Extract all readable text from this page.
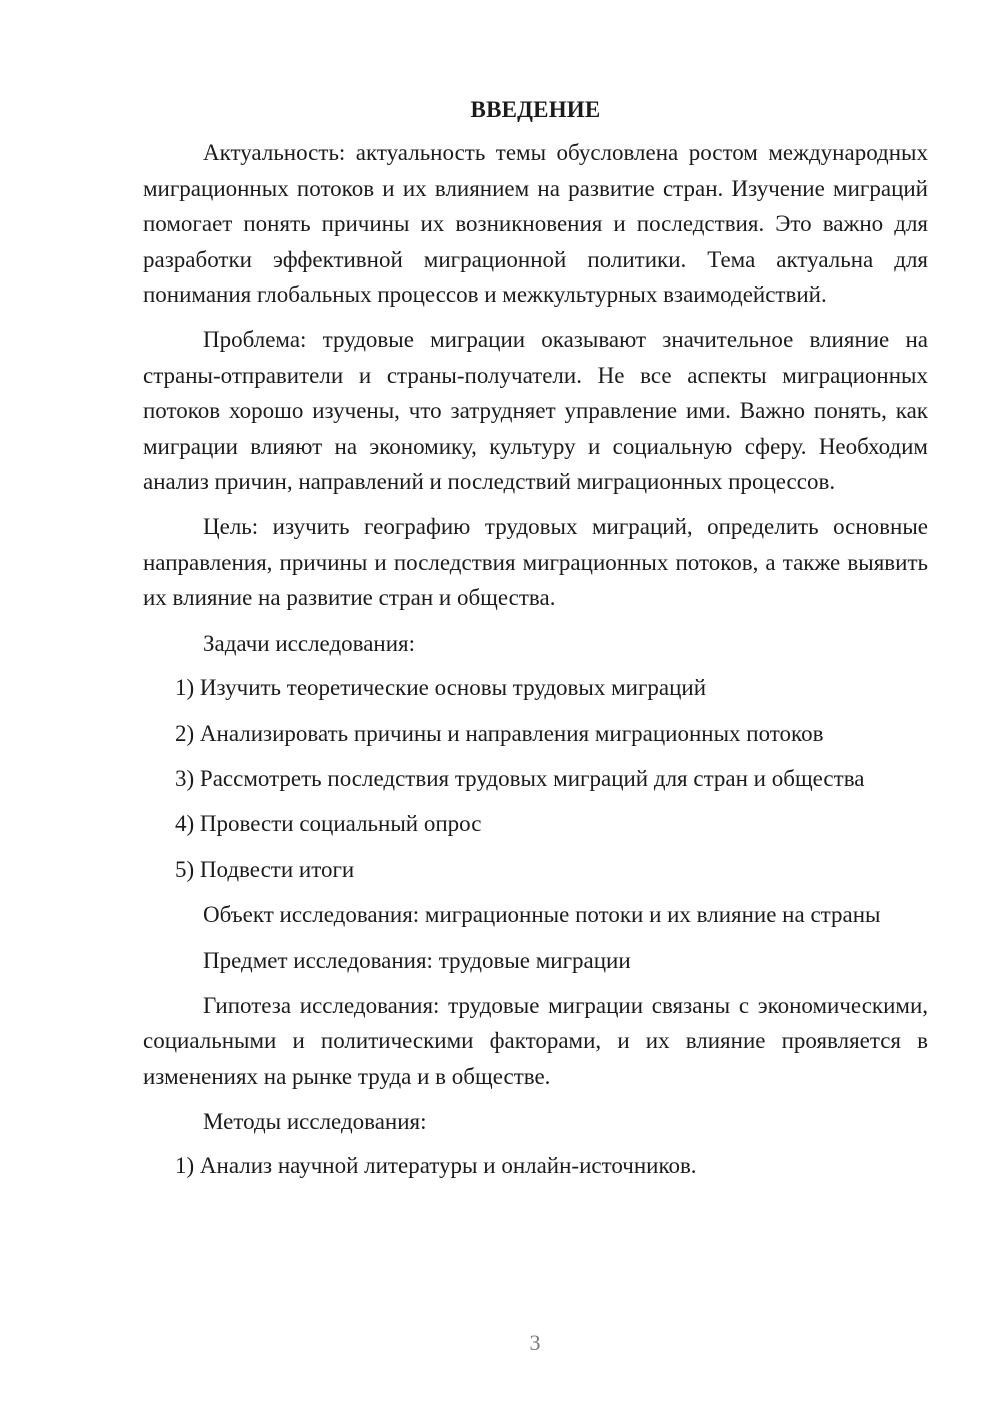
ВВЕДЕНИЕ

Актуальность: актуальность темы обусловлена ростом международных миграционных потоков и их влиянием на развитие стран. Изучение миграций помогает понять причины их возникновения и последствия. Это важно для разработки эффективной миграционной политики. Тема актуальна для понимания глобальных процессов и межкультурных взаимодействий.

Проблема: трудовые миграции оказывают значительное влияние на страны-отправители и страны-получатели. Не все аспекты миграционных потоков хорошо изучены, что затрудняет управление ими. Важно понять, как миграции влияют на экономику, культуру и социальную сферу. Необходим анализ причин, направлений и последствий миграционных процессов.

Цель: изучить географию трудовых миграций, определить основные направления, причины и последствия миграционных потоков, а также выявить их влияние на развитие стран и общества.

Задачи исследования:

1) Изучить теоретические основы трудовых миграций
2) Анализировать причины и направления миграционных потоков
3) Рассмотреть последствия трудовых миграций для стран и общества
4) Провести социальный опрос
5) Подвести итоги

Объект исследования: миграционные потоки и их влияние на страны

Предмет исследования: трудовые миграции

Гипотеза исследования: трудовые миграции связаны с экономическими, социальными и политическими факторами, и их влияние проявляется в изменениях на рынке труда и в обществе.

Методы исследования:

1) Анализ научной литературы и онлайн-источников.
3
